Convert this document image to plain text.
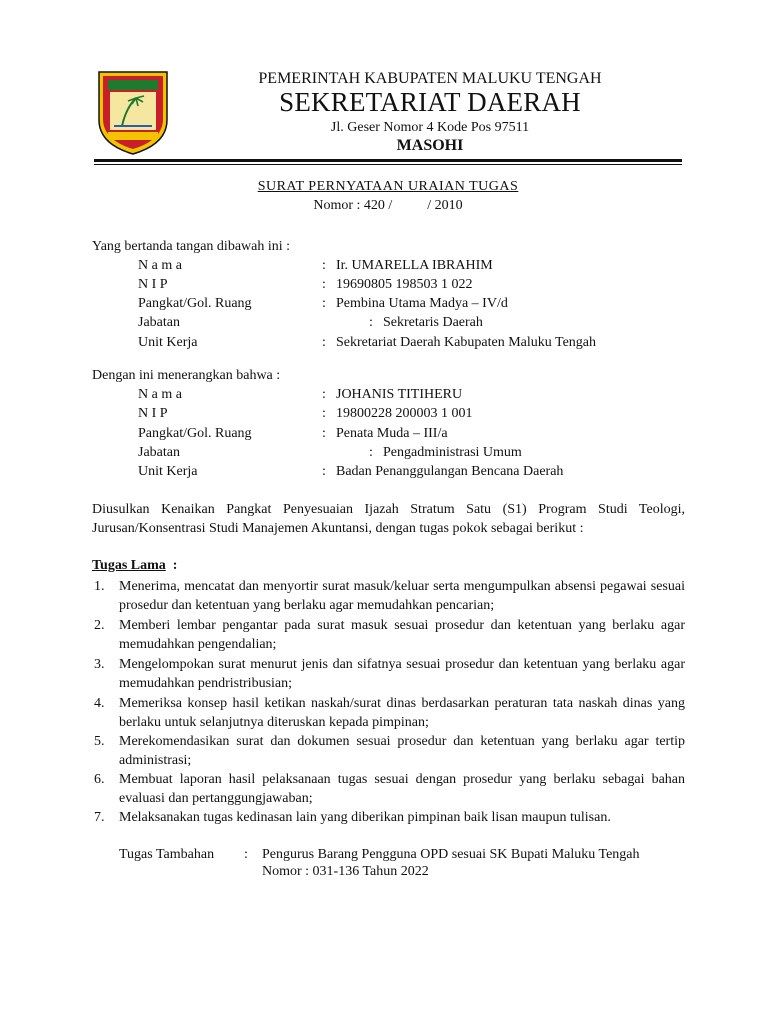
PEMERINTAH KABUPATEN MALUKU TENGAH
SEKRETARIAT DAERAH
Jl. Geser Nomor 4 Kode Pos 97511
MASOHI
SURAT PERNYATAAN URAIAN TUGAS
Nomor : 420 /          / 2010
Yang bertanda tangan dibawah ini :
N a m a	: Ir. UMARELLA IBRAHIM
N I P	: 19690805 198503 1 022
Pangkat/Gol. Ruang	: Pembina Utama Madya – IV/d
Jabatan	: Sekretaris Daerah
Unit Kerja	: Sekretariat Daerah Kabupaten Maluku Tengah
Dengan ini menerangkan bahwa :
N a m a	: JOHANIS TITIHERU
N I P	: 19800228 200003 1 001
Pangkat/Gol. Ruang	: Penata Muda – III/a
Jabatan	: Pengadministrasi Umum
Unit Kerja	: Badan Penanggulangan Bencana Daerah
Diusulkan Kenaikan Pangkat Penyesuaian Ijazah Stratum Satu (S1) Program Studi Teologi, Jurusan/Konsentrasi Studi Manajemen Akuntansi, dengan tugas pokok sebagai berikut :
Tugas Lama :
1.	Menerima, mencatat dan menyortir surat masuk/keluar serta mengumpulkan absensi pegawai sesuai prosedur dan ketentuan yang berlaku agar memudahkan pencarian;
2.	Memberi lembar pengantar pada surat masuk sesuai prosedur dan ketentuan yang berlaku agar memudahkan pengendalian;
3.	Mengelompokan surat menurut jenis dan sifatnya sesuai prosedur dan ketentuan yang berlaku agar memudahkan pendristribusian;
4.	Memeriksa konsep hasil ketikan naskah/surat dinas berdasarkan peraturan tata naskah dinas yang berlaku untuk selanjutnya diteruskan kepada pimpinan;
5.	Merekomendasikan surat dan dokumen sesuai prosedur dan ketentuan yang berlaku agar tertip administrasi;
6.	Membuat laporan hasil pelaksanaan tugas sesuai dengan prosedur yang berlaku sebagai bahan evaluasi dan pertanggungjawaban;
7.	Melaksanakan tugas kedinasan lain yang diberikan pimpinan baik lisan maupun tulisan.
Tugas Tambahan : Pengurus Barang Pengguna OPD sesuai SK Bupati Maluku Tengah
Nomor : 031-136 Tahun 2022
